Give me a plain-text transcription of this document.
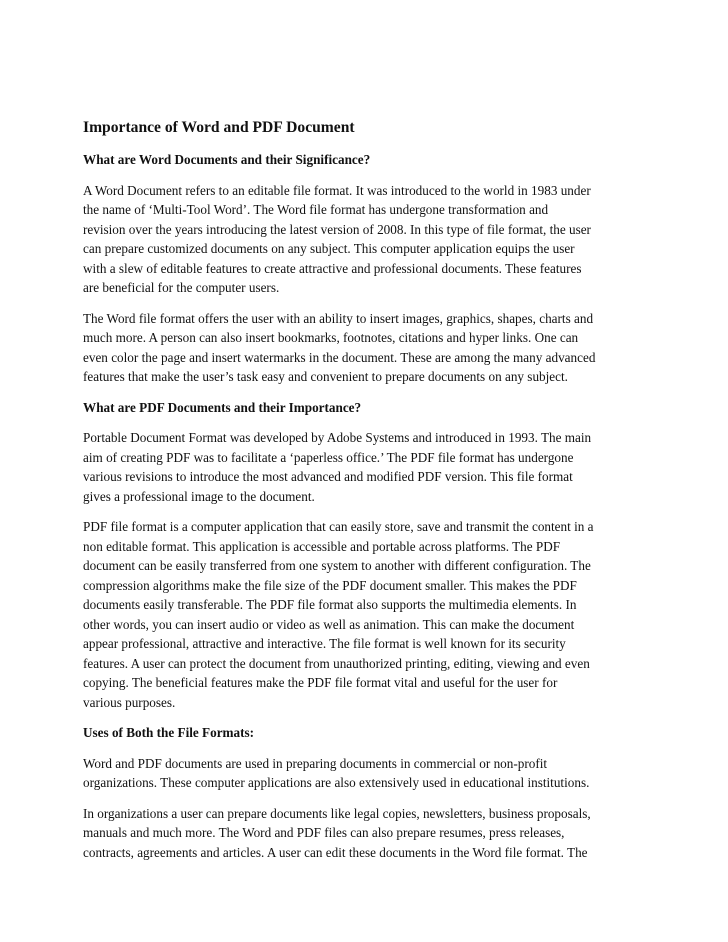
Importance of Word and PDF Document
What are Word Documents and their Significance?
A Word Document refers to an editable file format. It was introduced to the world in 1983 under
the name of ‘Multi-Tool Word’. The Word file format has undergone transformation and
revision over the years introducing the latest version of 2008. In this type of file format, the user
can prepare customized documents on any subject. This computer application equips the user
with a slew of editable features to create attractive and professional documents. These features
are beneficial for the computer users.
The Word file format offers the user with an ability to insert images, graphics, shapes, charts and
much more. A person can also insert bookmarks, footnotes, citations and hyper links. One can
even color the page and insert watermarks in the document. These are among the many advanced
features that make the user’s task easy and convenient to prepare documents on any subject.
What are PDF Documents and their Importance?
Portable Document Format was developed by Adobe Systems and introduced in 1993. The main
aim of creating PDF was to facilitate a ‘paperless office.’ The PDF file format has undergone
various revisions to introduce the most advanced and modified PDF version. This file format
gives a professional image to the document.
PDF file format is a computer application that can easily store, save and transmit the content in a
non editable format. This application is accessible and portable across platforms. The PDF
document can be easily transferred from one system to another with different configuration. The
compression algorithms make the file size of the PDF document smaller. This makes the PDF
documents easily transferable. The PDF file format also supports the multimedia elements. In
other words, you can insert audio or video as well as animation. This can make the document
appear professional, attractive and interactive. The file format is well known for its security
features. A user can protect the document from unauthorized printing, editing, viewing and even
copying. The beneficial features make the PDF file format vital and useful for the user for
various purposes.
Uses of Both the File Formats:
Word and PDF documents are used in preparing documents in commercial or non-profit
organizations. These computer applications are also extensively used in educational institutions.
In organizations a user can prepare documents like legal copies, newsletters, business proposals,
manuals and much more. The Word and PDF files can also prepare resumes, press releases,
contracts, agreements and articles. A user can edit these documents in the Word file format. The
